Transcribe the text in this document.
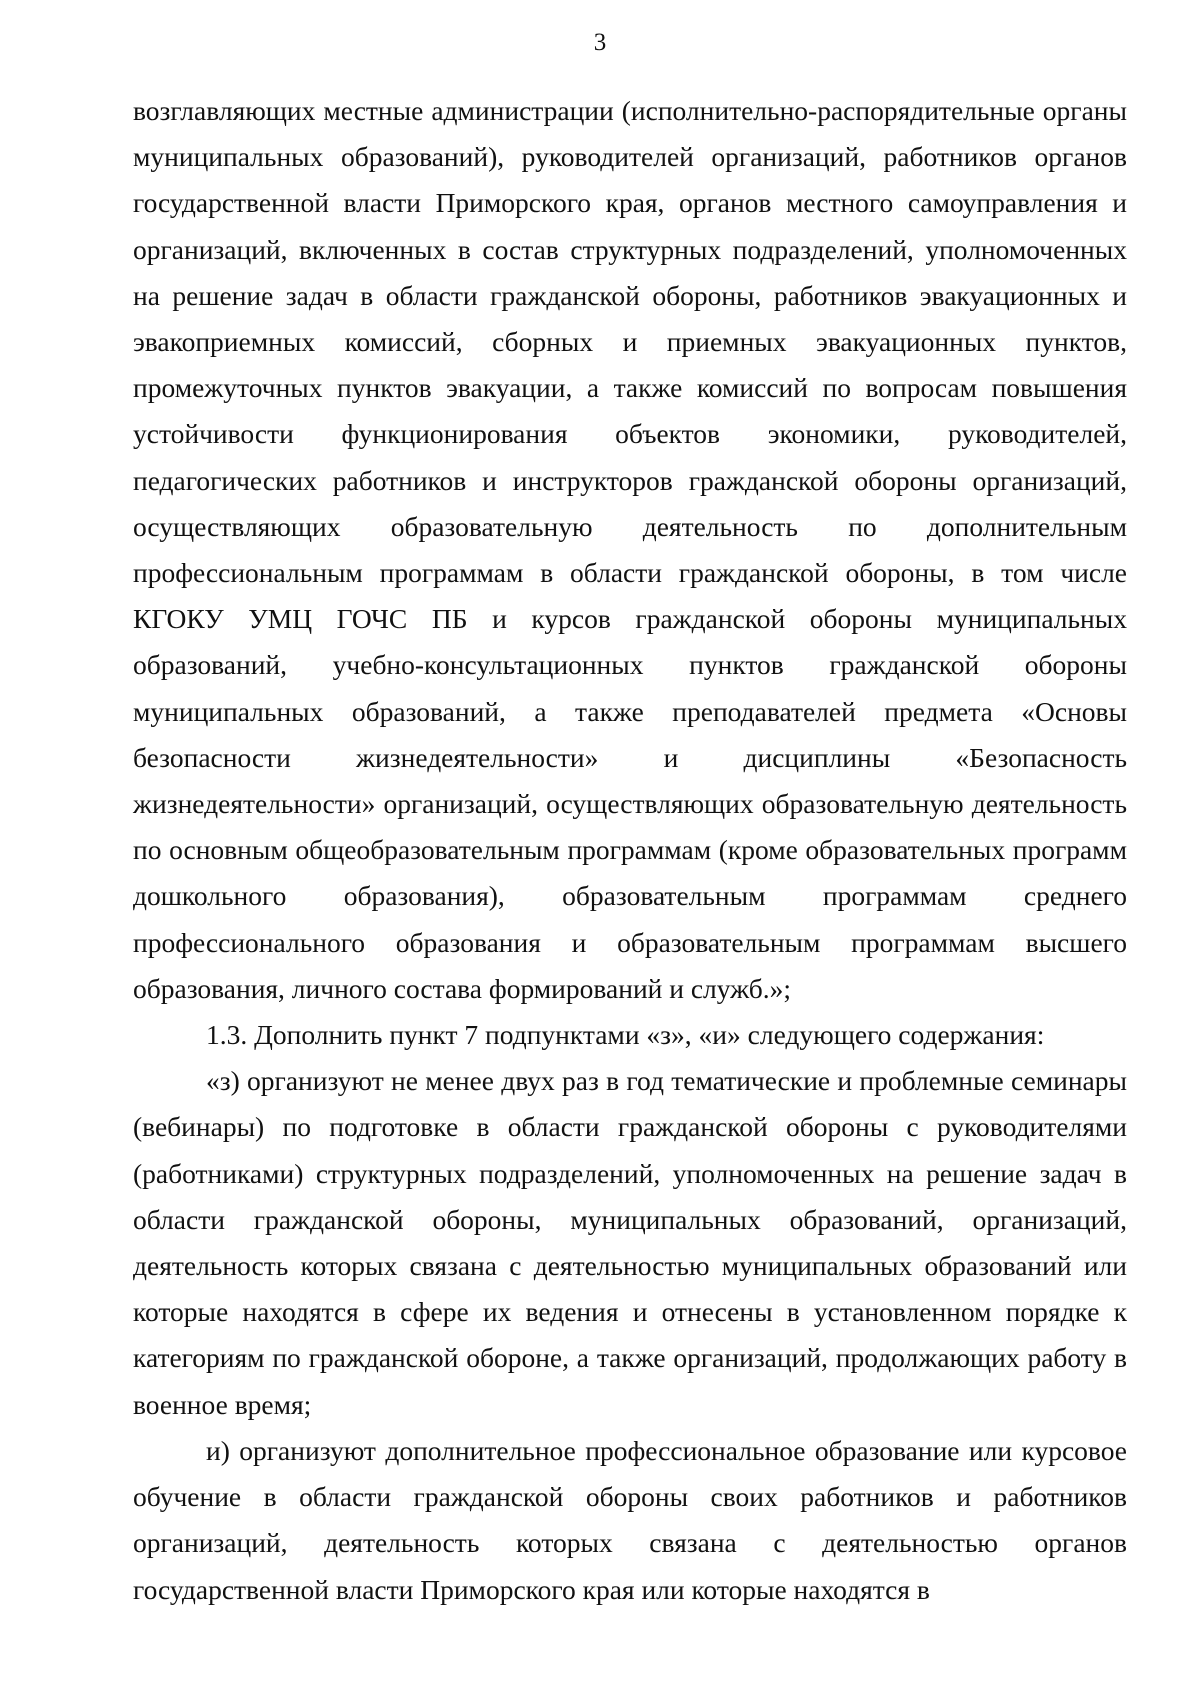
3

возглавляющих местные администрации (исполнительно-распорядительные органы муниципальных образований), руководителей организаций, работников органов государственной власти Приморского края, органов местного самоуправления и организаций, включенных в состав структурных подразделений, уполномоченных на решение задач в области гражданской обороны, работников эвакуационных и эвакоприемных комиссий, сборных и приемных эвакуационных пунктов, промежуточных пунктов эвакуации, а также комиссий по вопросам повышения устойчивости функционирования объектов экономики, руководителей, педагогических работников и инструкторов гражданской обороны организаций, осуществляющих образовательную деятельность по дополнительным профессиональным программам в области гражданской обороны, в том числе КГОКУ УМЦ ГОЧС ПБ и курсов гражданской обороны муниципальных образований, учебно-консультационных пунктов гражданской обороны муниципальных образований, а также преподавателей предмета «Основы безопасности жизнедеятельности» и дисциплины «Безопасность жизнедеятельности» организаций, осуществляющих образовательную деятельность по основным общеобразовательным программам (кроме образовательных программ дошкольного образования), образовательным программам среднего профессионального образования и образовательным программам высшего образования, личного состава формирований и служб.»;

1.3. Дополнить пункт 7 подпунктами «з», «и» следующего содержания:

«з) организуют не менее двух раз в год тематические и проблемные семинары (вебинары) по подготовке в области гражданской обороны с руководителями (работниками) структурных подразделений, уполномоченных на решение задач в области гражданской обороны, муниципальных образований, организаций, деятельность которых связана с деятельностью муниципальных образований или которые находятся в сфере их ведения и отнесены в установленном порядке к категориям по гражданской обороне, а также организаций, продолжающих работу в военное время;

и) организуют дополнительное профессиональное образование или курсовое обучение в области гражданской обороны своих работников и работников организаций, деятельность которых связана с деятельностью органов государственной власти Приморского края или которые находятся в
